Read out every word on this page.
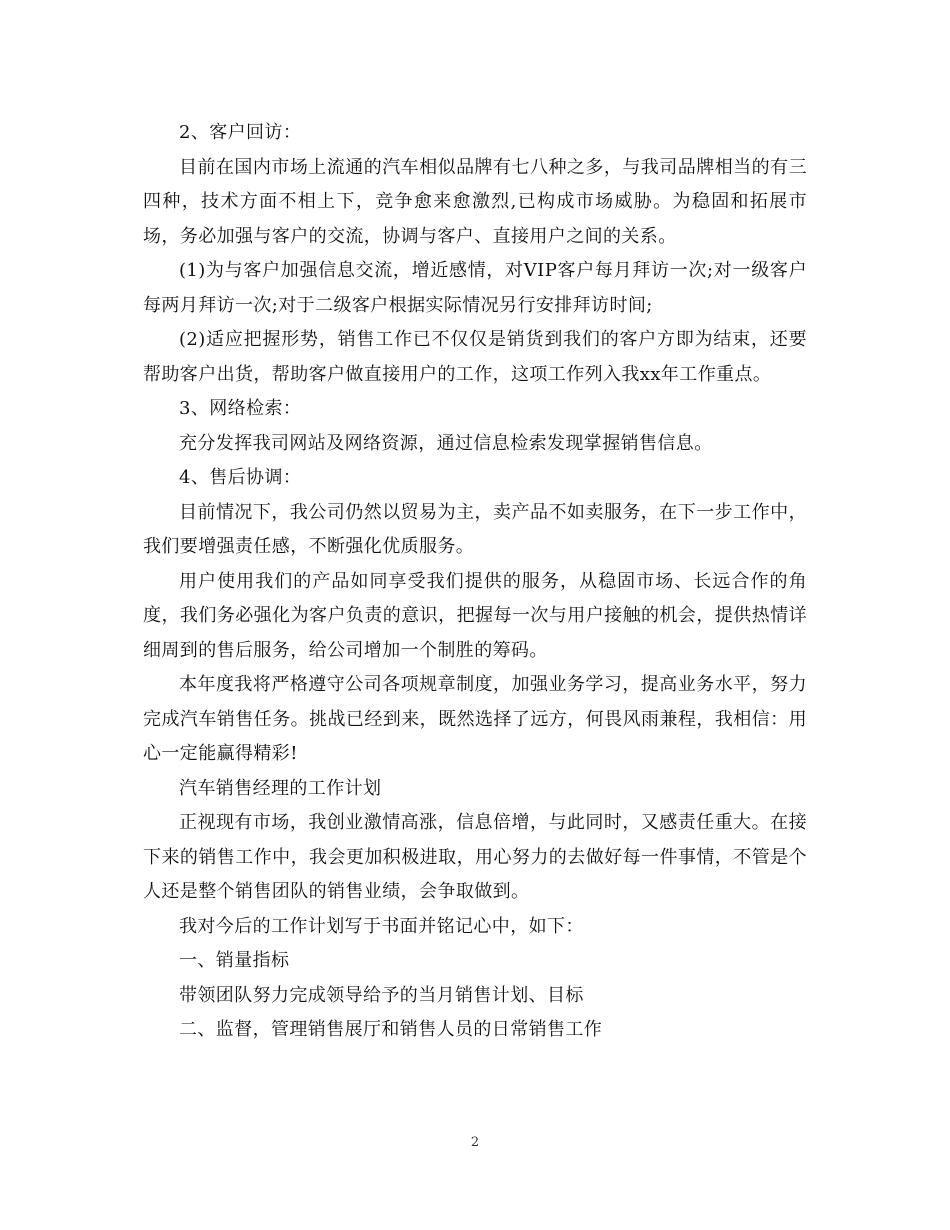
2、客户回访：

目前在国内市场上流通的汽车相似品牌有七八种之多，与我司品牌相当的有三四种，技术方面不相上下，竞争愈来愈激烈,已构成市场威胁。为稳固和拓展市场，务必加强与客户的交流，协调与客户、直接用户之间的关系。

(1)为与客户加强信息交流，增近感情，对VIP客户每月拜访一次;对一级客户每两月拜访一次;对于二级客户根据实际情况另行安排拜访时间;

(2)适应把握形势，销售工作已不仅仅是销货到我们的客户方即为结束，还要帮助客户出货，帮助客户做直接用户的工作，这项工作列入我xx年工作重点。

3、网络检索：

充分发挥我司网站及网络资源，通过信息检索发现掌握销售信息。

4、售后协调：

目前情况下，我公司仍然以贸易为主，卖产品不如卖服务，在下一步工作中，我们要增强责任感，不断强化优质服务。

用户使用我们的产品如同享受我们提供的服务，从稳固市场、长远合作的角度，我们务必强化为客户负责的意识，把握每一次与用户接触的机会，提供热情详细周到的售后服务，给公司增加一个制胜的筹码。

本年度我将严格遵守公司各项规章制度，加强业务学习，提高业务水平，努力完成汽车销售任务。挑战已经到来，既然选择了远方，何畏风雨兼程，我相信：用心一定能赢得精彩!

汽车销售经理的工作计划

正视现有市场，我创业激情高涨，信息倍增，与此同时，又感责任重大。在接下来的销售工作中，我会更加积极进取，用心努力的去做好每一件事情，不管是个人还是整个销售团队的销售业绩，会争取做到。

我对今后的工作计划写于书面并铭记心中，如下：

一、销量指标

带领团队努力完成领导给予的当月销售计划、目标

二、监督，管理销售展厅和销售人员的日常销售工作

2
